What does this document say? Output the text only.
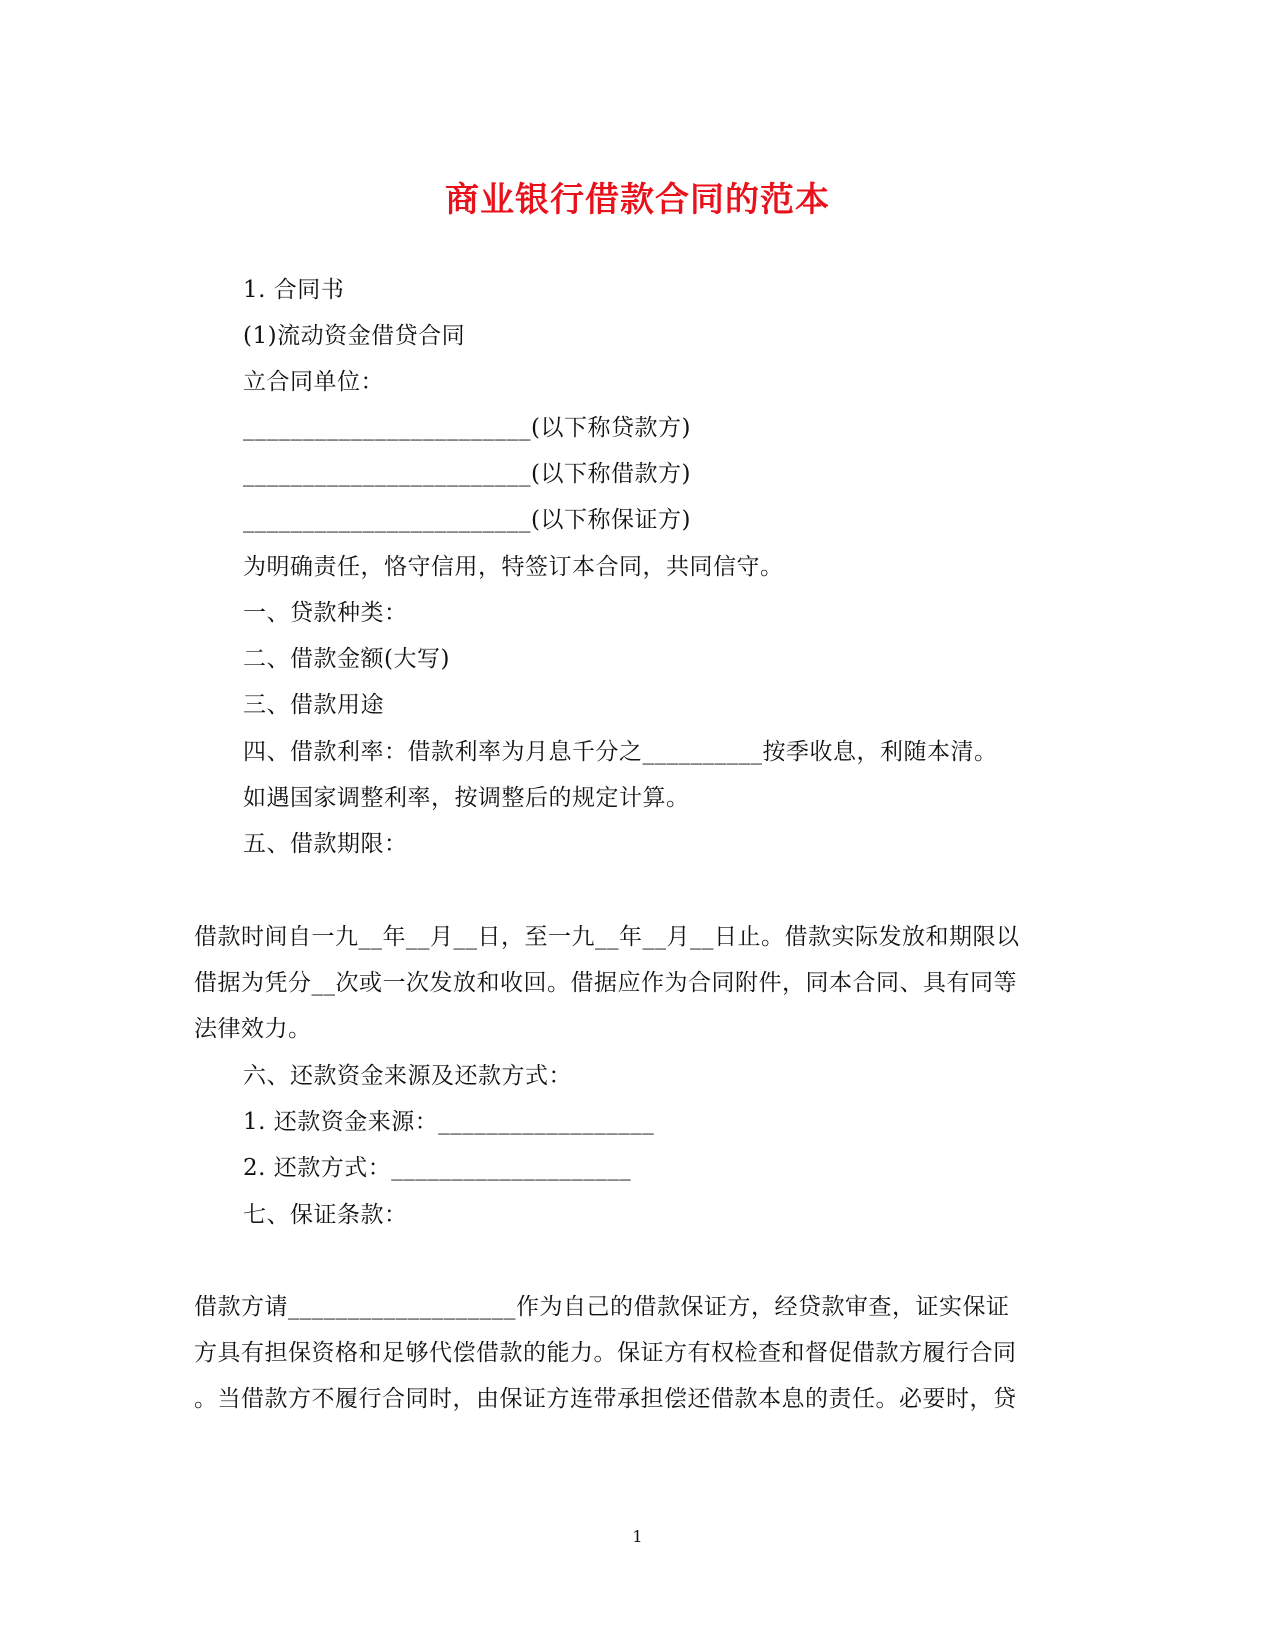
商业银行借款合同的范本
1. 合同书
(1)流动资金借贷合同
立合同单位：
________________________(以下称贷款方)
________________________(以下称借款方)
________________________(以下称保证方)
为明确责任，恪守信用，特签订本合同，共同信守。
一、贷款种类：
二、借款金额(大写)
三、借款用途
四、借款利率：借款利率为月息千分之__________按季收息，利随本清。
如遇国家调整利率，按调整后的规定计算。
五、借款期限：
借款时间自一九__年__月__日，至一九__年__月__日止。借款实际发放和期限以
借据为凭分__次或一次发放和收回。借据应作为合同附件，同本合同、具有同等
法律效力。
六、还款资金来源及还款方式：
1. 还款资金来源：__________________
2. 还款方式：____________________
七、保证条款：
借款方请___________________作为自己的借款保证方，经贷款审查，证实保证
方具有担保资格和足够代偿借款的能力。保证方有权检查和督促借款方履行合同
。当借款方不履行合同时，由保证方连带承担偿还借款本息的责任。必要时，贷
1
